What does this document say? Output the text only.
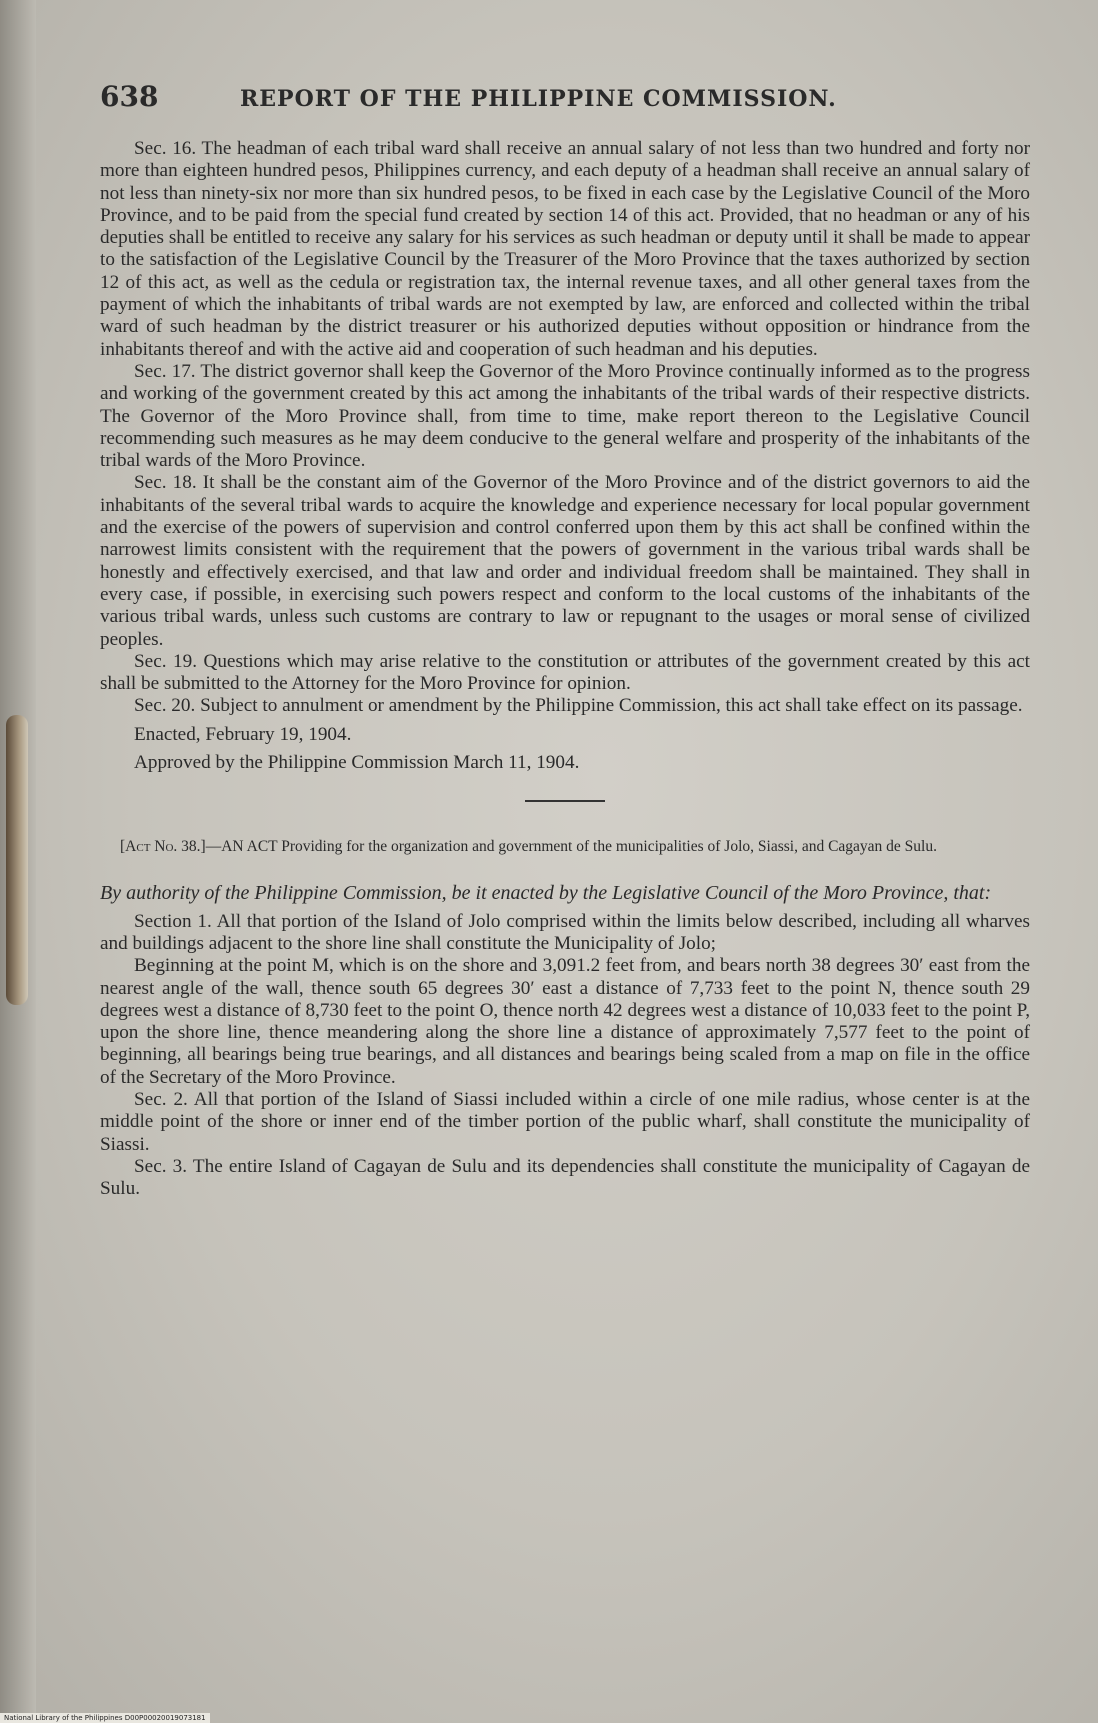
638	REPORT OF THE PHILIPPINE COMMISSION.

Sec. 16. The headman of each tribal ward shall receive an annual salary of not less than two hundred and forty nor more than eighteen hundred pesos, Philippines currency, and each deputy of a headman shall receive an annual salary of not less than ninety-six nor more than six hundred pesos, to be fixed in each case by the Legislative Council of the Moro Province, and to be paid from the special fund created by section 14 of this act. Provided, that no headman or any of his deputies shall be entitled to receive any salary for his services as such headman or deputy until it shall be made to appear to the satisfaction of the Legislative Council by the Treasurer of the Moro Province that the taxes authorized by section 12 of this act, as well as the cedula or registration tax, the internal revenue taxes, and all other general taxes from the payment of which the inhabitants of tribal wards are not exempted by law, are enforced and collected within the tribal ward of such headman by the district treasurer or his authorized deputies without opposition or hindrance from the inhabitants thereof and with the active aid and cooperation of such headman and his deputies.

Sec. 17. The district governor shall keep the Governor of the Moro Province continually informed as to the progress and working of the government created by this act among the inhabitants of the tribal wards of their respective districts. The Governor of the Moro Province shall, from time to time, make report thereon to the Legislative Council recommending such measures as he may deem conducive to the general welfare and prosperity of the inhabitants of the tribal wards of the Moro Province.

Sec. 18. It shall be the constant aim of the Governor of the Moro Province and of the district governors to aid the inhabitants of the several tribal wards to acquire the knowledge and experience necessary for local popular government and the exercise of the powers of supervision and control conferred upon them by this act shall be confined within the narrowest limits consistent with the requirement that the powers of government in the various tribal wards shall be honestly and effectively exercised, and that law and order and individual freedom shall be maintained. They shall in every case, if possible, in exercising such powers respect and conform to the local customs of the inhabitants of the various tribal wards, unless such customs are contrary to law or repugnant to the usages or moral sense of civilized peoples.

Sec. 19. Questions which may arise relative to the constitution or attributes of the government created by this act shall be submitted to the Attorney for the Moro Province for opinion.

Sec. 20. Subject to annulment or amendment by the Philippine Commission, this act shall take effect on its passage.

Enacted, February 19, 1904.

Approved by the Philippine Commission March 11, 1904.

[Act No. 38.]—AN ACT Providing for the organization and government of the municipalities of Jolo, Siassi, and Cagayan de Sulu.

By authority of the Philippine Commission, be it enacted by the Legislative Council of the Moro Province, that:

Section 1. All that portion of the Island of Jolo comprised within the limits below described, including all wharves and buildings adjacent to the shore line shall constitute the Municipality of Jolo;

Beginning at the point M, which is on the shore and 3,091.2 feet from, and bears north 38 degrees 30′ east from the nearest angle of the wall, thence south 65 degrees 30′ east a distance of 7,733 feet to the point N, thence south 29 degrees west a distance of 8,730 feet to the point O, thence north 42 degrees west a distance of 10,033 feet to the point P, upon the shore line, thence meandering along the shore line a distance of approximately 7,577 feet to the point of beginning, all bearings being true bearings, and all distances and bearings being scaled from a map on file in the office of the Secretary of the Moro Province.

Sec. 2. All that portion of the Island of Siassi included within a circle of one mile radius, whose center is at the middle point of the shore or inner end of the timber portion of the public wharf, shall constitute the municipality of Siassi.

Sec. 3. The entire Island of Cagayan de Sulu and its dependencies shall constitute the municipality of Cagayan de Sulu.

National Library of the Philippines D00P00020019073181
